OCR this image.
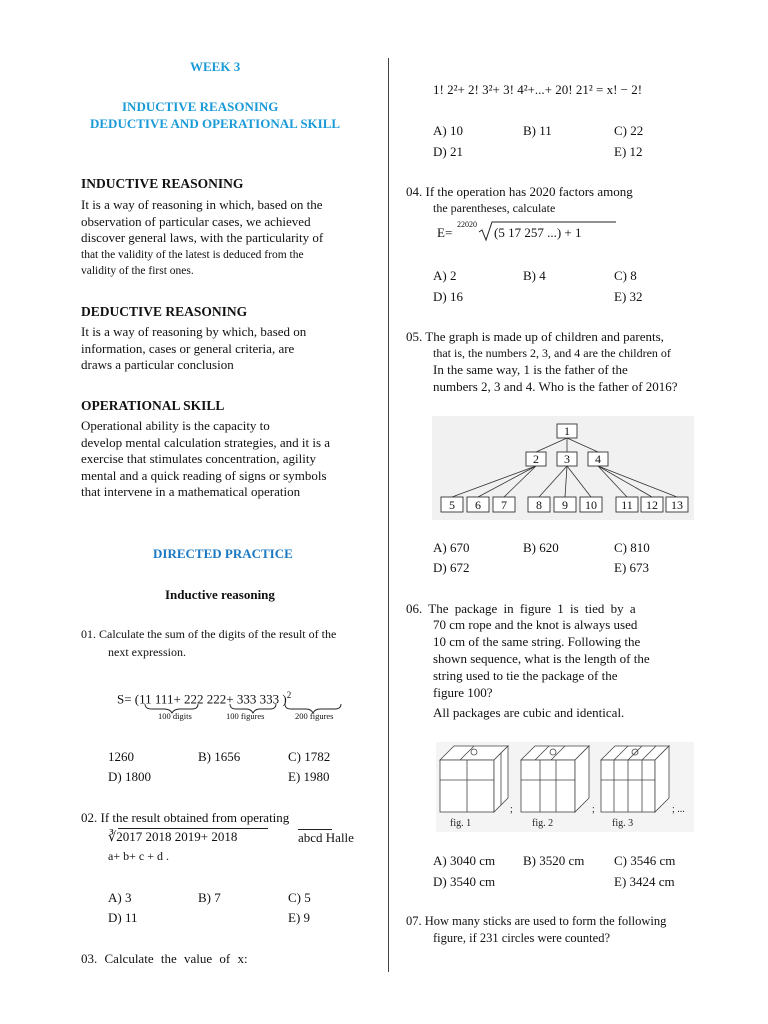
WEEK 3
INDUCTIVE REASONING
DEDUCTIVE AND OPERATIONAL SKILL
INDUCTIVE REASONING
It is a way of reasoning in which, based on the
observation of particular cases, we achieved
discover general laws, with the particularity of
that the validity of the latest is deduced from the
validity of the first ones.
DEDUCTIVE REASONING
It is a way of reasoning by which, based on
information, cases or general criteria, are
draws a particular conclusion
OPERATIONAL SKILL
Operational ability is the capacity to
develop mental calculation strategies, and it is a
exercise that stimulates concentration, agility
mental and a quick reading of signs or symbols
that intervene in a mathematical operation
DIRECTED PRACTICE
Inductive reasoning
01. Calculate the sum of the digits of the result of the
next expression.
S= (11 111+ 222 222+ 333 333 )$^2$
100 digits	100 figures	200 figures
1260	B) 1656	C) 1782
D) 1800	E) 1980
02. If the result obtained from operating
∛2017 2018 2019+ 2018	abcd Halle
a+ b+ c + d .
A) 3	B) 7	C) 5
D) 11	E) 9
03. Calculate the value of x:
1! 2²+ 2! 3²+ 3! 4²+...+ 20! 21² = x! − 2!
A) 10	B) 11	C) 22
D) 21	E) 12
04. If the operation has 2020 factors among
the parentheses, calculate
E=
22020
(5 17 257 ...) + 1
A) 2	B) 4	C) 8
D) 16	E) 32
05. The graph is made up of children and parents,
that is, the numbers 2, 3, and 4 are the children of
In the same way, 1 is the father of the
numbers 2, 3 and 4. Who is the father of 2016?
1
2 3 4
5 6 7 8 9 10 11 12 13
A) 670	B) 620	C) 810
D) 672	E) 673
06. The package in figure 1 is tied by a
70 cm rope and the knot is always used
10 cm of the same string. Following the
shown sequence, what is the length of the
string used to tie the package of the
figure 100?
All packages are cubic and identical.
fig. 1	fig. 2	fig. 3
;	;	; ...
A) 3040 cm B) 3520 cm C) 3546 cm
D) 3540 cm	E) 3424 cm
07. How many sticks are used to form the following
figure, if 231 circles were counted?
